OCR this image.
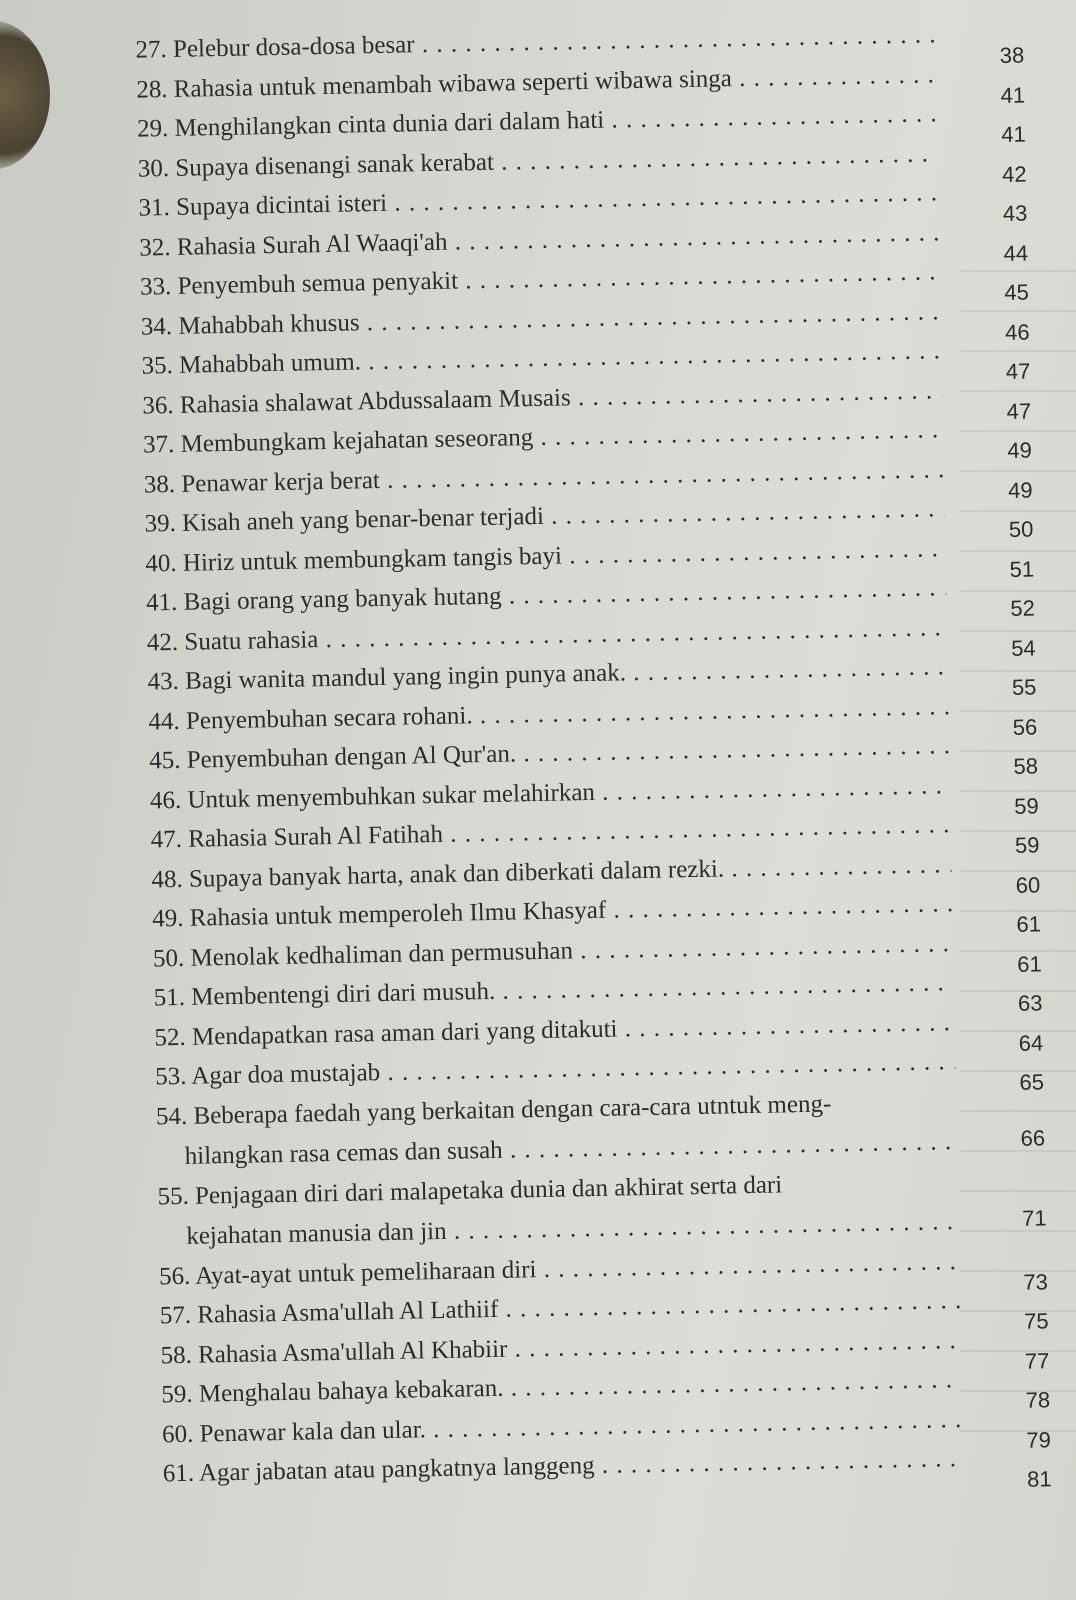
27. Pelebur dosa-dosa besar . . .	38
28. Rahasia untuk menambah wibawa seperti wibawa singa . . .	41
29. Menghilangkan cinta dunia dari dalam hati . . .	41
30. Supaya disenangi sanak kerabat . . .	42
31. Supaya dicintai isteri . . .	43
32. Rahasia Surah Al Waaqi'ah . . .	44
33. Penyembuh semua penyakit . . .	45
34. Mahabbah khusus . . .	46
35. Mahabbah umum. . . .	47
36. Rahasia shalawat Abdussalaam Musais . . .	47
37. Membungkam kejahatan seseorang . . .	49
38. Penawar kerja berat . . .	49
39. Kisah aneh yang benar-benar terjadi . . .	50
40. Hiriz untuk membungkam tangis bayi . . .	51
41. Bagi orang yang banyak hutang . . .	52
42. Suatu rahasia . . .	54
43. Bagi wanita mandul yang ingin punya anak. . . .	55
44. Penyembuhan secara rohani. . . .	56
45. Penyembuhan dengan Al Qur'an. . . .	58
46. Untuk menyembuhkan sukar melahirkan . . .	59
47. Rahasia Surah Al Fatihah . . .	59
48. Supaya banyak harta, anak dan diberkati dalam rezki. . . .	60
49. Rahasia untuk memperoleh Ilmu Khasyaf . . .	61
50. Menolak kedhaliman dan permusuhan . . .	61
51. Membentengi diri dari musuh. . . .	63
52. Mendapatkan rasa aman dari yang ditakuti . . .	64
53. Agar doa mustajab . . .	65
54. Beberapa faedah yang berkaitan dengan cara-cara utntuk meng-
hilangkan rasa cemas dan susah . . .	66
55. Penjagaan diri dari malapetaka dunia dan akhirat serta dari
kejahatan manusia dan jin . . .	71
56. Ayat-ayat untuk pemeliharaan diri . . .	73
57. Rahasia Asma'ullah Al Lathiif . . .	75
58. Rahasia Asma'ullah Al Khabiir . . .	77
59. Menghalau bahaya kebakaran. . . .	78
60. Penawar kala dan ular. . . .	79
61. Agar jabatan atau pangkatnya langgeng . . .	81
